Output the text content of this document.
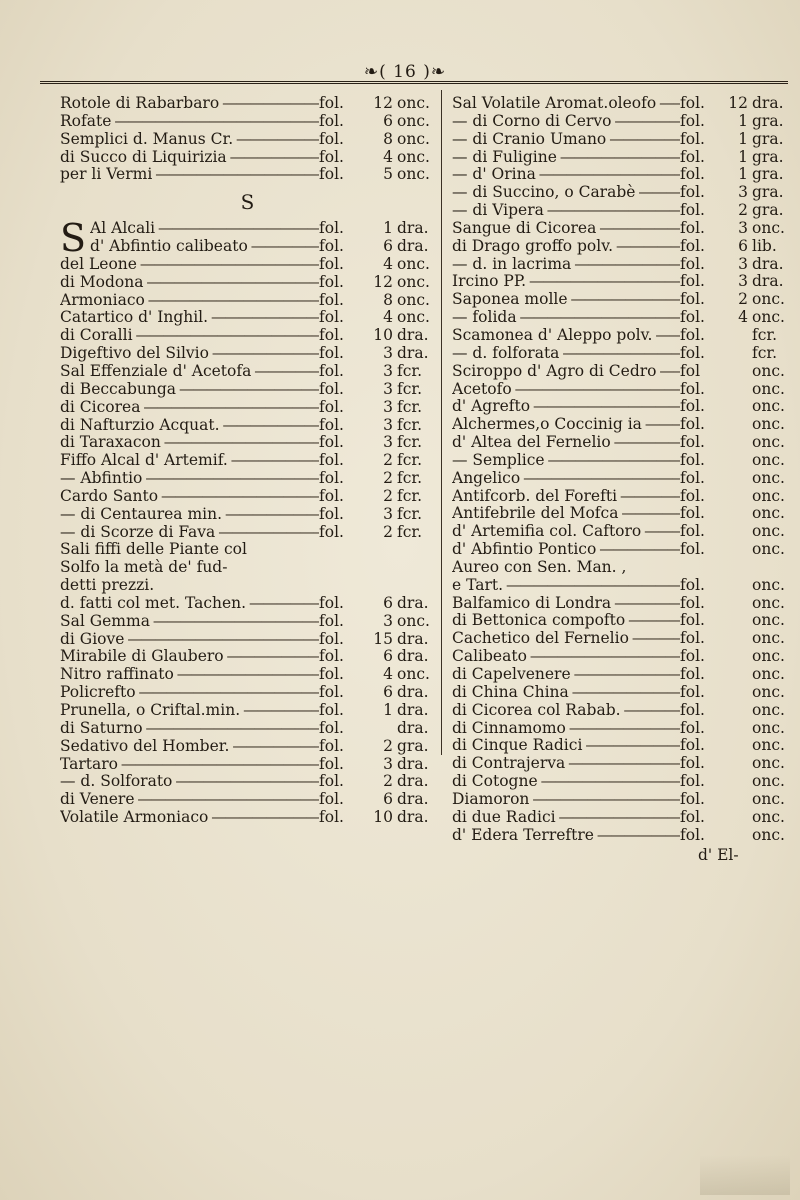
❧( 16 )❧
Rotole di Rabarbaro —————	fol.	12 onc.
Rofate —————	fol.	6 onc.
Semplici d. Manus Cr. —————	fol.	8 onc.
di Succo di Liquirizia —————	fol.	4 onc.
per li Vermi —————	fol.	5 onc.
S
S Al Alcali —————	fol.	1 dra.
d' Abfintio calibeato —————	fol.	6 dra.
del Leone —————	fol.	4 onc.
di Modona —————	fol.	12 onc.
Armoniaco —————	fol.	8 onc.
Catartico d' Inghil. —————	fol.	4 onc.
di Coralli —————	fol.	10 dra.
Digeftivo del Silvio —————	fol.	3 dra.
Sal Effenziale d' Acetofa —————	fol.	3 fcr.
di Beccabunga —————	fol.	3 fcr.
di Cicorea —————	fol.	3 fcr.
di Nafturzio Acquat. —————	fol.	3 fcr.
di Taraxacon —————	fol.	3 fcr.
Fiffo Alcal d' Artemif. —————	fol.	2 fcr.
— Abfintio —————	fol.	2 fcr.
Cardo Santo —————	fol.	2 fcr.
— di Centaurea min. —————	fol.	3 fcr.
— di Scorze di Fava —————	fol.	2 fcr.
Sali fiffi delle Piante col
Solfo la metà de' fud-
detti prezzi.
d. fatti col met. Tachen. —————	fol.	6 dra.
Sal Gemma —————	fol.	3 onc.
di Giove —————	fol.	15 dra.
Mirabile di Glaubero —————	fol.	6 dra.
Nitro raffinato —————	fol.	4 onc.
Policrefto —————	fol.	6 dra.
Prunella, o Criftal.min. —————	fol.	1 dra.
di Saturno —————	fol.	dra.
Sedativo del Homber. —————	fol.	2 gra.
Tartaro —————	fol.	3 dra.
— d. Solforato —————	fol.	2 dra.
di Venere —————	fol.	6 dra.
Volatile Armoniaco —————	fol.	10 dra.
Sal Volatile Aromat.oleofo —————	fol.	12 dra.
— di Corno di Cervo —————	fol.	1 gra.
— di Cranio Umano —————	fol.	1 gra.
— di Fuligine —————	fol.	1 gra.
— d' Orina —————	fol.	1 gra.
— di Succino, o Carabè —————	fol.	3 gra.
— di Vipera —————	fol.	2 gra.
Sangue di Cicorea —————	fol.	3 onc.
di Drago groffo polv. —————	fol.	6 lib.
— d. in lacrima —————	fol.	3 dra.
Ircino PP. —————	fol.	3 dra.
Saponea molle —————	fol.	2 onc.
— folida —————	fol.	4 onc.
Scamonea d' Aleppo polv. —————	fol.	fcr.
— d. folforata —————	fol.	fcr.
Sciroppo d' Agro di Cedro —————	fol	onc.
Acetofo —————	fol.	onc.
d' Agrefto —————	fol.	onc.
Alchermes,o Coccinig ia —————	fol.	onc.
d' Altea del Fernelio —————	fol.	onc.
— Semplice —————	fol.	onc.
Angelico —————	fol.	onc.
Antifcorb. del Forefti —————	fol.	onc.
Antifebrile del Mofca —————	fol.	onc.
d' Artemifia col. Caftoro —————	fol.	onc.
d' Abfintio Pontico —————	fol.	onc.
Aureo con Sen. Man. ,
e Tart. —————	fol.	onc.
Balfamico di Londra —————	fol.	onc.
di Bettonica compofto —————	fol.	onc.
Cachetico del Fernelio —————	fol.	onc.
Calibeato —————	fol.	onc.
di Capelvenere —————	fol.	onc.
di China China —————	fol.	onc.
di Cicorea col Rabab. —————	fol.	onc.
di Cinnamomo —————	fol.	onc.
di Cinque Radici —————	fol.	onc.
di Contrajerva —————	fol.	onc.
di Cotogne —————	fol.	onc.
Diamoron —————	fol.	onc.
di due Radici —————	fol.	onc.
d' Edera Terreftre —————	fol.	onc.
d' El-
